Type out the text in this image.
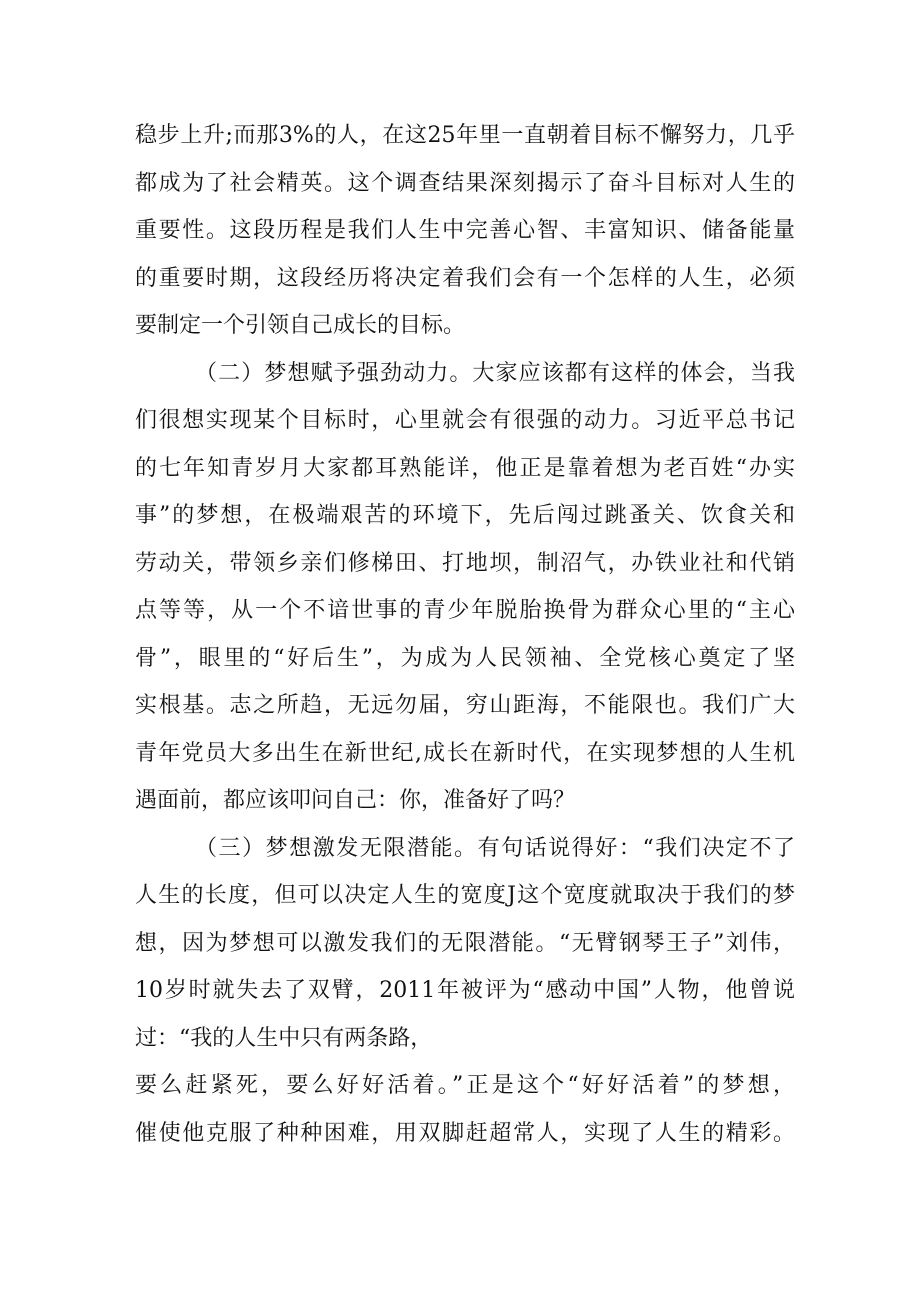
稳步上升;而那3%的人，在这25年里一直朝着目标不懈努力，几乎
都成为了社会精英。这个调查结果深刻揭示了奋斗目标对人生的
重要性。这段历程是我们人生中完善心智、丰富知识、储备能量
的重要时期，这段经历将决定着我们会有一个怎样的人生，必须
要制定一个引领自己成长的目标。
（二）梦想赋予强劲动力。大家应该都有这样的体会，当我
们很想实现某个目标时，心里就会有很强的动力。习近平总书记
的七年知青岁月大家都耳熟能详，他正是靠着想为老百姓“办实
事”的梦想，在极端艰苦的环境下，先后闯过跳蚤关、饮食关和
劳动关，带领乡亲们修梯田、打地坝，制沼气，办铁业社和代销
点等等，从一个不谙世事的青少年脱胎换骨为群众心里的“主心
骨”，眼里的“好后生”，为成为人民领袖、全党核心奠定了坚
实根基。志之所趋，无远勿届，穷山距海，不能限也。我们广大
青年党员大多出生在新世纪,成长在新时代，在实现梦想的人生机
遇面前，都应该叩问自己：你，准备好了吗？
（三）梦想激发无限潜能。有句话说得好：“我们决定不了
人生的长度，但可以决定人生的宽度J这个宽度就取决于我们的梦
想，因为梦想可以激发我们的无限潜能。“无臂钢琴王子”刘伟，
10岁时就失去了双臂，2011年被评为“感动中国”人物，他曾说
过：“我的人生中只有两条路，
要么赶紧死，要么好好活着。”正是这个“好好活着”的梦想，
催使他克服了种种困难，用双脚赶超常人，实现了人生的精彩。
